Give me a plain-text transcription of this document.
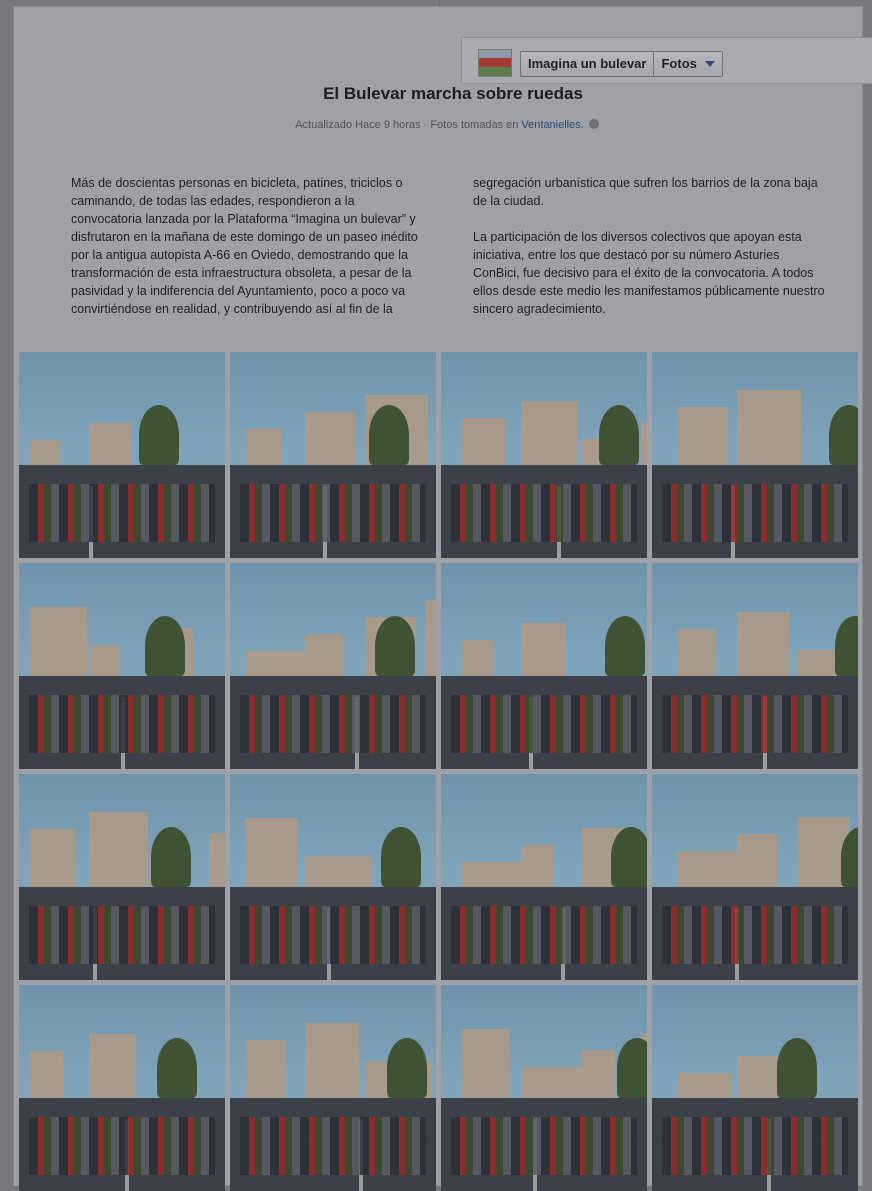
El Bulevar marcha sobre ruedas
Actualizado Hace 9 horas · Fotos tomadas en Ventanielles.
Más de doscientas personas en bicicleta, patines, triciclos o
caminando, de todas las edades, respondieron a la
convocatoria lanzada por la Plataforma “Imagina un bulevar” y
disfrutaron en la mañana de este domingo de un paseo inédito
por la antigua autopista A-66 en Oviedo, demostrando que la
transformación de esta infraestructura obsoleta, a pesar de la
pasividad y la indiferencia del Ayuntamiento, poco a poco va
convirtiéndose en realidad, y contribuyendo así al fin de la
segregación urbanística que sufren los barrios de la zona baja
de la ciudad.

La participación de los diversos colectivos que apoyan esta
iniciativa, entre los que destacó por su número Asturies
ConBici, fue decisivo para el éxito de la convocatoria. A todos
ellos desde este medio les manifestamos públicamente nuestro
sincero agradecimiento.
Imagina un bulevar	Fotos
